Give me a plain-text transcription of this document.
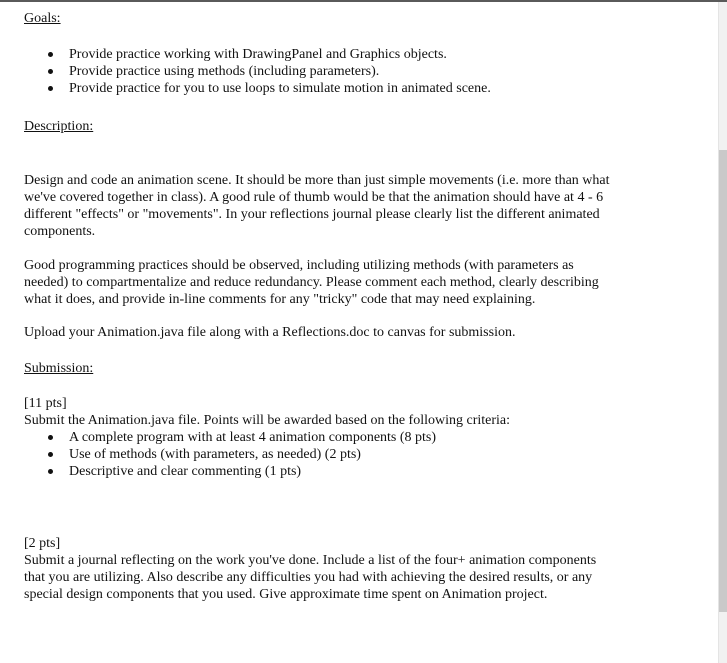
Goals:
Provide practice working with DrawingPanel and Graphics objects.
Provide practice using methods (including parameters).
Provide practice for you to use loops to simulate motion in animated scene.
Description:
Design and code an animation scene. It should be more than just simple movements (i.e. more than what we've covered together in class). A good rule of thumb would be that the animation should have at 4 - 6 different "effects" or "movements". In your reflections journal please clearly list the different animated components.
Good programming practices should be observed, including utilizing methods (with parameters as needed) to compartmentalize and reduce redundancy. Please comment each method, clearly describing what it does, and provide in-line comments for any "tricky" code that may need explaining.
Upload your Animation.java file along with a Reflections.doc to canvas for submission.
Submission:
[11 pts]
Submit the Animation.java file. Points will be awarded based on the following criteria:
A complete program with at least 4 animation components (8 pts)
Use of methods (with parameters, as needed) (2 pts)
Descriptive and clear commenting (1 pts)
[2 pts]
Submit a journal reflecting on the work you've done. Include a list of the four+ animation components that you are utilizing. Also describe any difficulties you had with achieving the desired results, or any special design components that you used. Give approximate time spent on Animation project.
